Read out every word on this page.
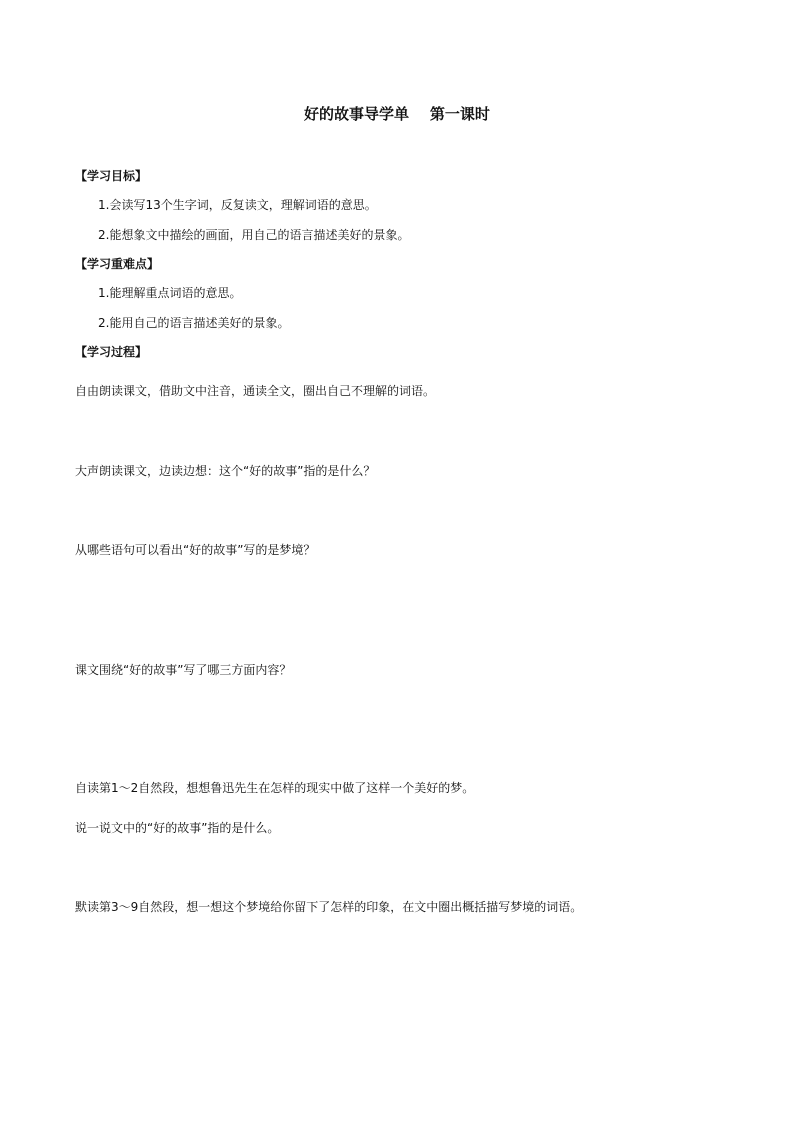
好的故事导学单    第一课时
【学习目标】
1.会读写13个生字词，反复读文，理解词语的意思。
2.能想象文中描绘的画面，用自己的语言描述美好的景象。
【学习重难点】
1.能理解重点词语的意思。
2.能用自己的语言描述美好的景象。
【学习过程】
自由朗读课文，借助文中注音，通读全文，圈出自己不理解的词语。
大声朗读课文，边读边想：这个“好的故事”指的是什么？
从哪些语句可以看出“好的故事”写的是梦境？
课文围绕“好的故事”写了哪三方面内容？
自读第1～2自然段，想想鲁迅先生在怎样的现实中做了这样一个美好的梦。
说一说文中的“好的故事”指的是什么。
默读第3～9自然段，想一想这个梦境给你留下了怎样的印象，在文中圈出概括描写梦境的词语。
